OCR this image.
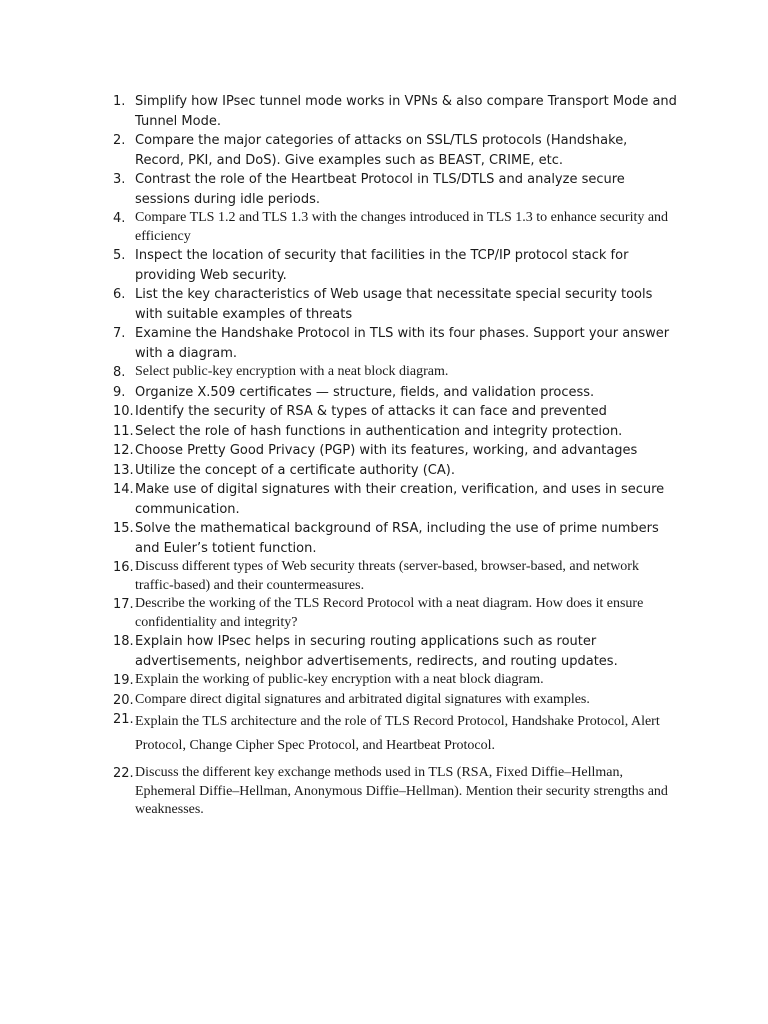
1. Simplify how IPsec tunnel mode works in VPNs & also compare Transport Mode and Tunnel Mode.
2. Compare the major categories of attacks on SSL/TLS protocols (Handshake, Record, PKI, and DoS). Give examples such as BEAST, CRIME, etc.
3. Contrast the role of the Heartbeat Protocol in TLS/DTLS and analyze secure sessions during idle periods.
4. Compare TLS 1.2 and TLS 1.3 with the changes introduced in TLS 1.3 to enhance security and efficiency
5. Inspect the location of security that facilities in the TCP/IP protocol stack for providing Web security.
6. List the key characteristics of Web usage that necessitate special security tools with suitable examples of threats
7. Examine the Handshake Protocol in TLS with its four phases. Support your answer with a diagram.
8. Select public-key encryption with a neat block diagram.
9. Organize X.509 certificates — structure, fields, and validation process.
10. Identify the security of RSA & types of attacks it can face and prevented
11. Select the role of hash functions in authentication and integrity protection.
12. Choose Pretty Good Privacy (PGP) with its features, working, and advantages
13. Utilize the concept of a certificate authority (CA).
14. Make use of digital signatures with their creation, verification, and uses in secure communication.
15. Solve the mathematical background of RSA, including the use of prime numbers and Euler’s totient function.
16. Discuss different types of Web security threats (server-based, browser-based, and network traffic-based) and their countermeasures.
17. Describe the working of the TLS Record Protocol with a neat diagram. How does it ensure confidentiality and integrity?
18. Explain how IPsec helps in securing routing applications such as router advertisements, neighbor advertisements, redirects, and routing updates.
19. Explain the working of public-key encryption with a neat block diagram.
20. Compare direct digital signatures and arbitrated digital signatures with examples.
21. Explain the TLS architecture and the role of TLS Record Protocol, Handshake Protocol, Alert Protocol, Change Cipher Spec Protocol, and Heartbeat Protocol.
22. Discuss the different key exchange methods used in TLS (RSA, Fixed Diffie–Hellman, Ephemeral Diffie–Hellman, Anonymous Diffie–Hellman). Mention their security strengths and weaknesses.
